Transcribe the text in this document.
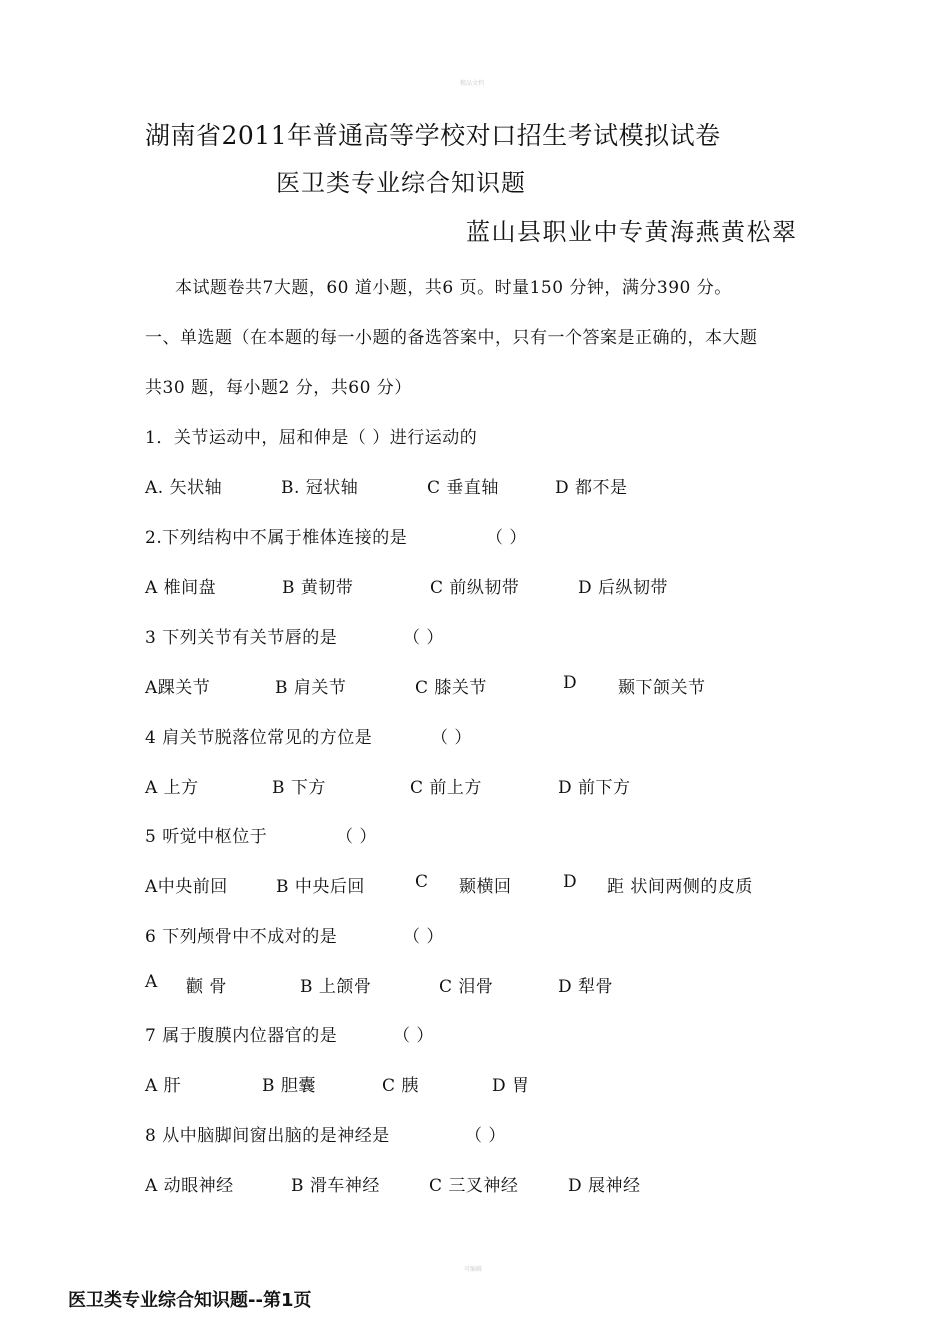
精品文档
湖南省2011年普通高等学校对口招生考试模拟试卷
医卫类专业综合知识题
蓝山县职业中专黄海燕黄松翠
本试题卷共7大题，60 道小题，共6 页。时量150 分钟，满分390 分。
一、单选题（在本题的每一小题的备选答案中，只有一个答案是正确的，本大题
共30 题，每小题2 分，共60 分）
1．关节运动中，屈和伸是（ ）进行运动的
A. 矢状轴	B. 冠状轴	C 垂直轴	D 都不是
2.下列结构中不属于椎体连接的是	（ ）
A 椎间盘	B 黄韧带	C 前纵韧带	D 后纵韧带
3 下列关节有关节唇的是	（ ）
A踝关节	B 肩关节	C 膝关节	D 颞下颌关节
4 肩关节脱落位常见的方位是	（ ）
A 上方	B 下方	C 前上方	D 前下方
5 听觉中枢位于	（ ）
A中央前回	B 中央后回	C 颞横回	D 距 状间两侧的皮质
6 下列颅骨中不成对的是	（ ）
A 颧 骨	B 上颌骨	C 泪骨	D 犁骨
7 属于腹膜内位器官的是	（ ）
A 肝	B 胆囊	C 胰	D 胃
8 从中脑脚间窗出脑的是神经是	（ ）
A 动眼神经	B 滑车神经	C 三叉神经	D 展神经
可编辑
医卫类专业综合知识题--第1页
